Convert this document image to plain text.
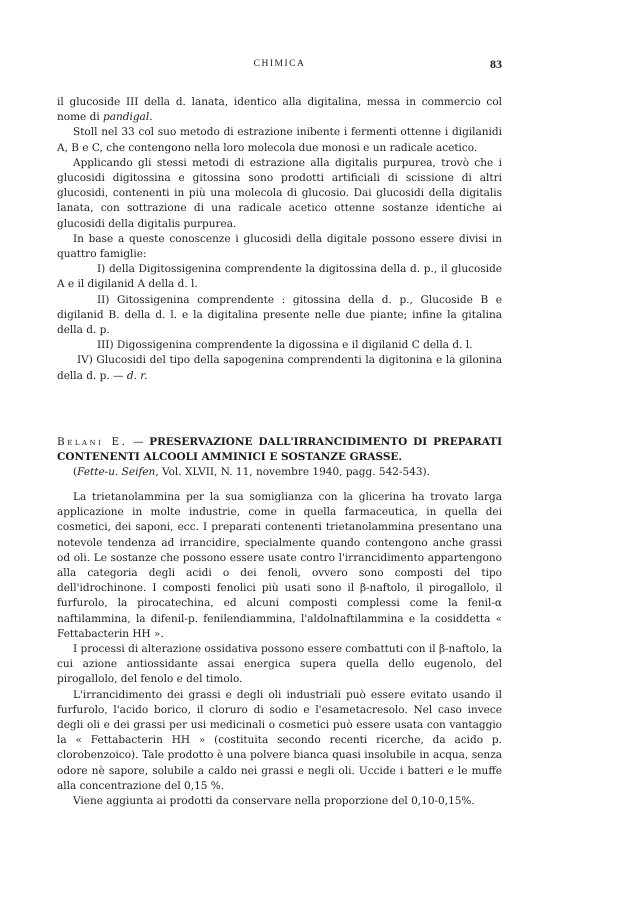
CHIMICA	83

il glucoside III della d. lanata, identico alla digitalina, messa in commercio col nome di pandigal.

Stoll nel 33 col suo metodo di estrazione inibente i fermenti ottenne i digilanidi A, B e C, che contengono nella loro molecola due monosi e un radicale acetico.

Applicando gli stessi metodi di estrazione alla digitalis purpurea, trovò che i glucosidi digitossina e gitossina sono prodotti artificiali di scissione di altri glucosidi, contenenti in più una molecola di glucosio. Dai glucosidi della digitalis lanata, con sottrazione di una radicale acetico ottenne sostanze identiche ai glucosidi della digitalis purpurea.

In base a queste conoscenze i glucosidi della digitale possono essere divisi in quattro famiglie:

I) della Digitossigenina comprendente la digitossina della d. p., il glucoside A e il digilanid A della d. l.

II) Gitossigenina comprendente : gitossina della d. p., Glucoside B e digilanid B. della d. l. e la digitalina presente nelle due piante; infine la gitalina della d. p.

III) Digossigenina comprendente la digossina e il digilanid C della d. l.

IV) Glucosidi del tipo della sapogenina comprendenti la digitonina e la gilonina della d. p. — d. r.

Belani E. — PRESERVAZIONE DALL'IRRANCIDIMENTO DI PREPARATI CONTENENTI ALCOOLI AMMINICI E SOSTANZE GRASSE.

(Fette-u. Seifen, Vol. XLVII, N. 11, novembre 1940, pagg. 542-543).

La trietanolammina per la sua somiglianza con la glicerina ha trovato larga applicazione in molte industrie, come in quella farmaceutica, in quella dei cosmetici, dei saponi, ecc. I preparati contenenti trietanolammina presentano una notevole tendenza ad irrancidire, specialmente quando contengono anche grassi od oli. Le sostanze che possono essere usate contro l'irrancidimento appartengono alla categoria degli acidi o dei fenoli, ovvero sono composti del tipo dell'idrochinone. I composti fenolici più usati sono il β-naftolo, il pirogallolo, il furfurolo, la pirocatechina, ed alcuni composti complessi come la fenil-α naftilammina, la difenil-p. fenilendiammina, l'aldolnaftilammina e la cosiddetta « Fettabacterin HH ».

I processi di alterazione ossidativa possono essere combattuti con il β-naftolo, la cui azione antiossidante assai energica supera quella dello eugenolo, del pirogallolo, del fenolo e del timolo.

L'irrancidimento dei grassi e degli oli industriali può essere evitato usando il furfurolo, l'acido borico, il cloruro di sodio e l'esametacresolo. Nel caso invece degli oli e dei grassi per usi medicinali o cosmetici può essere usata con vantaggio la « Fettabacterin HH » (costituita secondo recenti ricerche, da acido p. clorobenzoico). Tale prodotto è una polvere bianca quasi insolubile in acqua, senza odore nè sapore, solubile a caldo nei grassi e negli oli. Uccide i batteri e le muffe alla concentrazione del 0,15 %.

Viene aggiunta ai prodotti da conservare nella proporzione del 0,10-0,15%.
